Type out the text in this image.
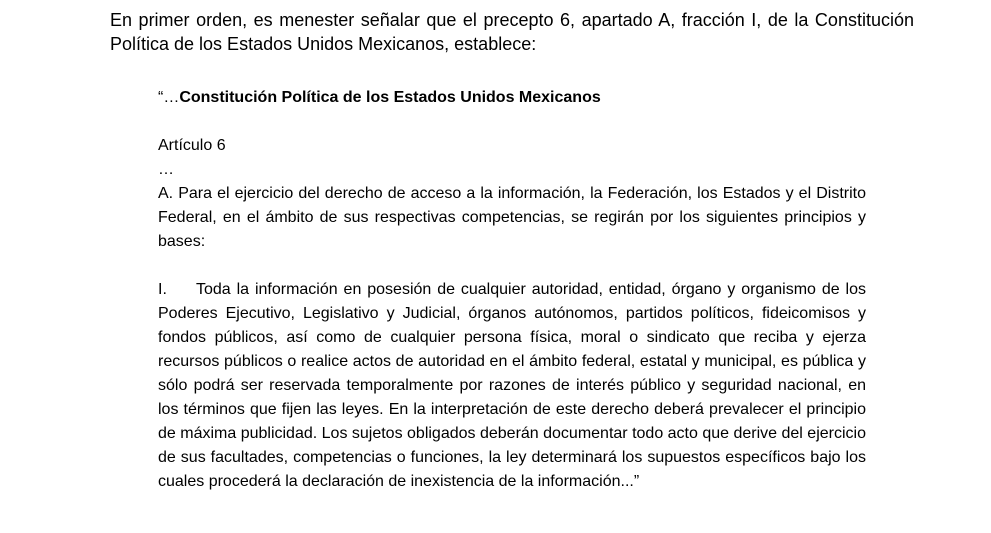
En primer orden, es menester señalar que el precepto 6, apartado A, fracción I, de la Constitución Política de los Estados Unidos Mexicanos, establece:

“…Constitución Política de los Estados Unidos Mexicanos

Artículo 6

…

A. Para el ejercicio del derecho de acceso a la información, la Federación, los Estados y el Distrito Federal, en el ámbito de sus respectivas competencias, se regirán por los siguientes principios y bases:

I. Toda la información en posesión de cualquier autoridad, entidad, órgano y organismo de los Poderes Ejecutivo, Legislativo y Judicial, órganos autónomos, partidos políticos, fideicomisos y fondos públicos, así como de cualquier persona física, moral o sindicato que reciba y ejerza recursos públicos o realice actos de autoridad en el ámbito federal, estatal y municipal, es pública y sólo podrá ser reservada temporalmente por razones de interés público y seguridad nacional, en los términos que fijen las leyes. En la interpretación de este derecho deberá prevalecer el principio de máxima publicidad. Los sujetos obligados deberán documentar todo acto que derive del ejercicio de sus facultades, competencias o funciones, la ley determinará los supuestos específicos bajo los cuales procederá la declaración de inexistencia de la información...”
